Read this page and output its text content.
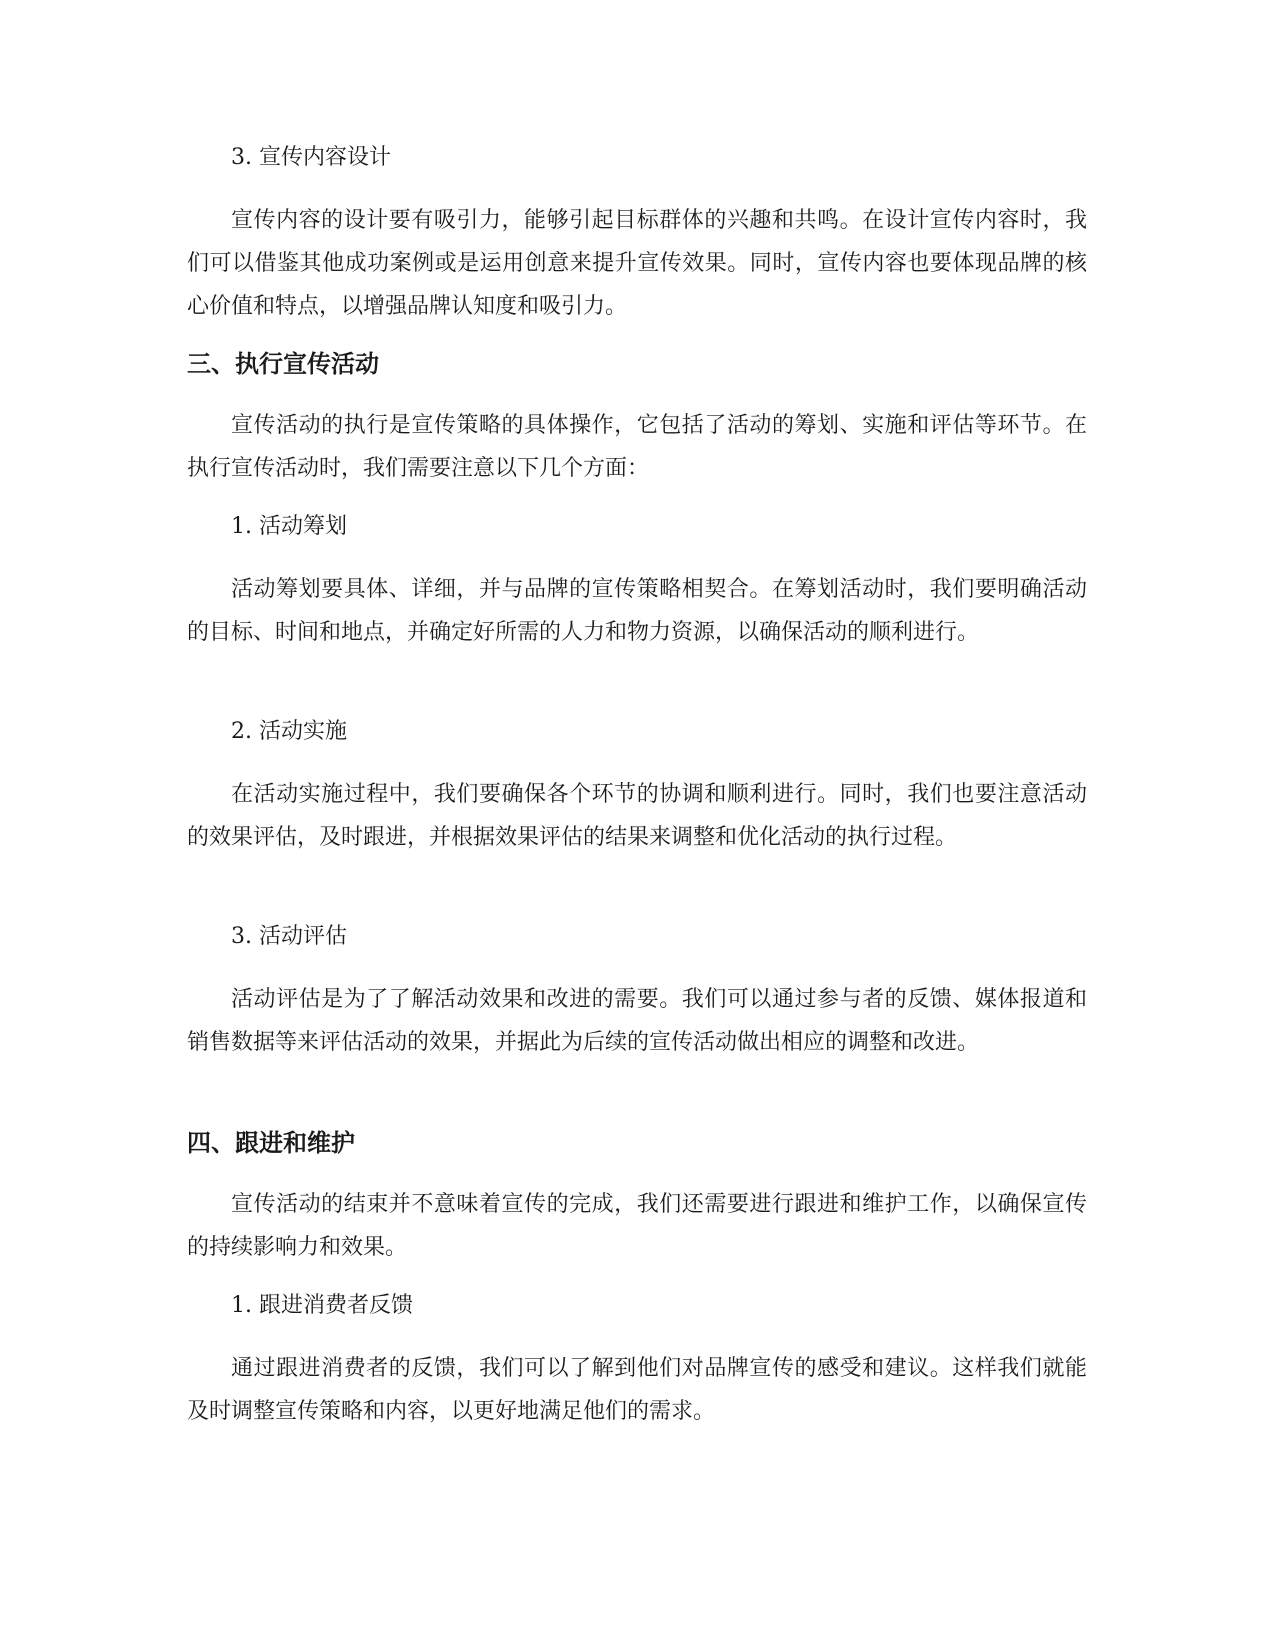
3. 宣传内容设计
宣传内容的设计要有吸引力，能够引起目标群体的兴趣和共鸣。在设计宣传内容时，我们可以借鉴其他成功案例或是运用创意来提升宣传效果。同时，宣传内容也要体现品牌的核心价值和特点，以增强品牌认知度和吸引力。
三、执行宣传活动
宣传活动的执行是宣传策略的具体操作，它包括了活动的筹划、实施和评估等环节。在执行宣传活动时，我们需要注意以下几个方面：
1. 活动筹划
活动筹划要具体、详细，并与品牌的宣传策略相契合。在筹划活动时，我们要明确活动的目标、时间和地点，并确定好所需的人力和物力资源，以确保活动的顺利进行。
2. 活动实施
在活动实施过程中，我们要确保各个环节的协调和顺利进行。同时，我们也要注意活动的效果评估，及时跟进，并根据效果评估的结果来调整和优化活动的执行过程。
3. 活动评估
活动评估是为了了解活动效果和改进的需要。我们可以通过参与者的反馈、媒体报道和销售数据等来评估活动的效果，并据此为后续的宣传活动做出相应的调整和改进。
四、跟进和维护
宣传活动的结束并不意味着宣传的完成，我们还需要进行跟进和维护工作，以确保宣传的持续影响力和效果。
1. 跟进消费者反馈
通过跟进消费者的反馈，我们可以了解到他们对品牌宣传的感受和建议。这样我们就能及时调整宣传策略和内容，以更好地满足他们的需求。
